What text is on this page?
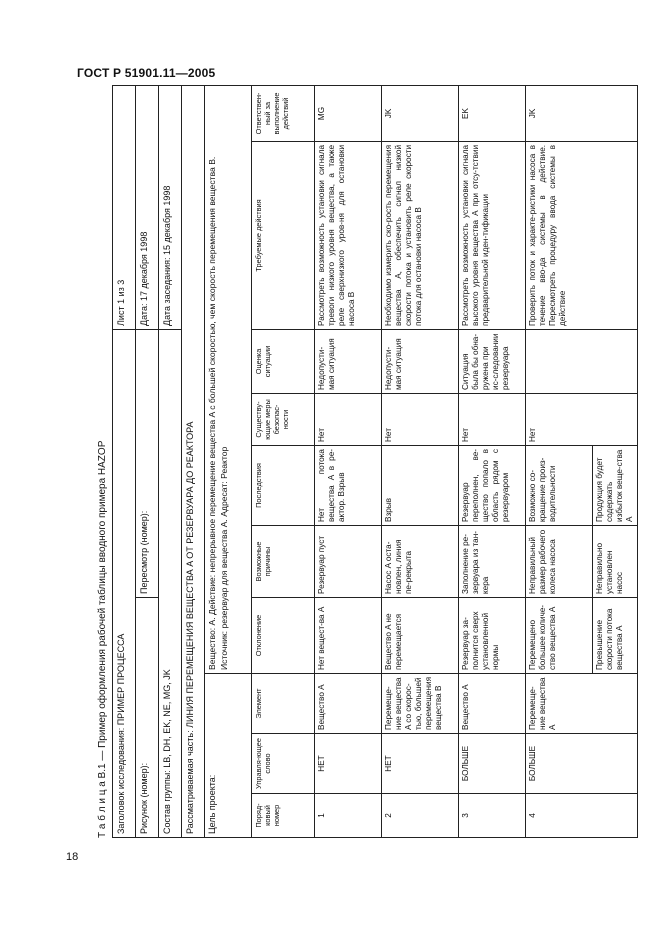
ГОСТ Р 51901.11—2005
18
Т а б л и ц а В.1 — Пример оформления рабочей таблицы вводного примера HAZOP Заголовок исследования: ПРИМЕР ПРОЦЕССА								Лист 1 из 3	
Рисунок (номер):				Пересмотр (номер):				Дата: 17 декабря 1998	
Состав группы: LB, DH, EK, NE, MG, JK								Дата заседания: 15 декабря 1998	
Рассматриваемая часть: ЛИНИЯ ПЕРЕМЕЩЕНИЯ ВЕЩЕСТВА A ОТ РЕЗЕРВУАРА ДО РЕАКТОРА									
Цель проекта:			Вещество: A. Действие: непрерывное перемещение вещества A с большей скоростью, чем скорость перемещения вещества B. Источник: резервуар для вещества A. Адресат: Реактор						

Поряд-ковый номер	Управля-ющее слово	Элемент	Отклонение	Возможные причины	Последствия	Существу-ющие меры безопас-ности	Оценка ситуации	Требуемые действия	Ответствен-ный за выполнение действий
1	НЕТ	Вещество A	Нет вещест-ва A	Резервуар пуст	Нет потока вещества A в ре-актор. Взрыв	Нет	Недопусти-мая ситуация	Рассмотреть возможность установки сигнала тревоги низкого уровня вещества, а также реле сверхнизкого уров-ня для остановки насоса B	MG
2	НЕТ	Перемеще-ние вещества A со скорос-тью, большей перемещения вещества B	Вещество A не перемещается	Насос A оста-новлен, линия пе-рекрыта	Взрыв	Нет	Недопусти-мая ситуация	Необходимо измерить ско-рость перемещения вещества A, обеспечить сигнал низкой скорости потока и установить реле скорости потока для остановки насоса B	JK
3	БОЛЬШЕ	Вещество A	Резервуар за-полнится сверх установленной нормы	Заполнение ре-зервуара из тан-кера	Резервуар переполнен, ве-щество попало в область рядом с резервуаром	Нет	Ситуация была бы обна-ружена при ис-следовании резервуара	Рассмотреть возможность установки сигнала высокого уровня вещества A при отсу-тствии предварительной иден-тификации	EK
4	БОЛЬШЕ	Перемеще-ние вещества A	Перемещено большее количе-ство вещества A	Неправильный размер рабочего колеса насоса	Возможно со-кращение произ-водительности	Нет		Проверить поток и характе-ристики насоса в течение вво-да системы в действие. Пересмотреть процедуру ввода системы в действие	JK
			Превышение скорости потока вещества A	Неправильно установлен насос	Продукция будет содержать избыток веще-ства A				
